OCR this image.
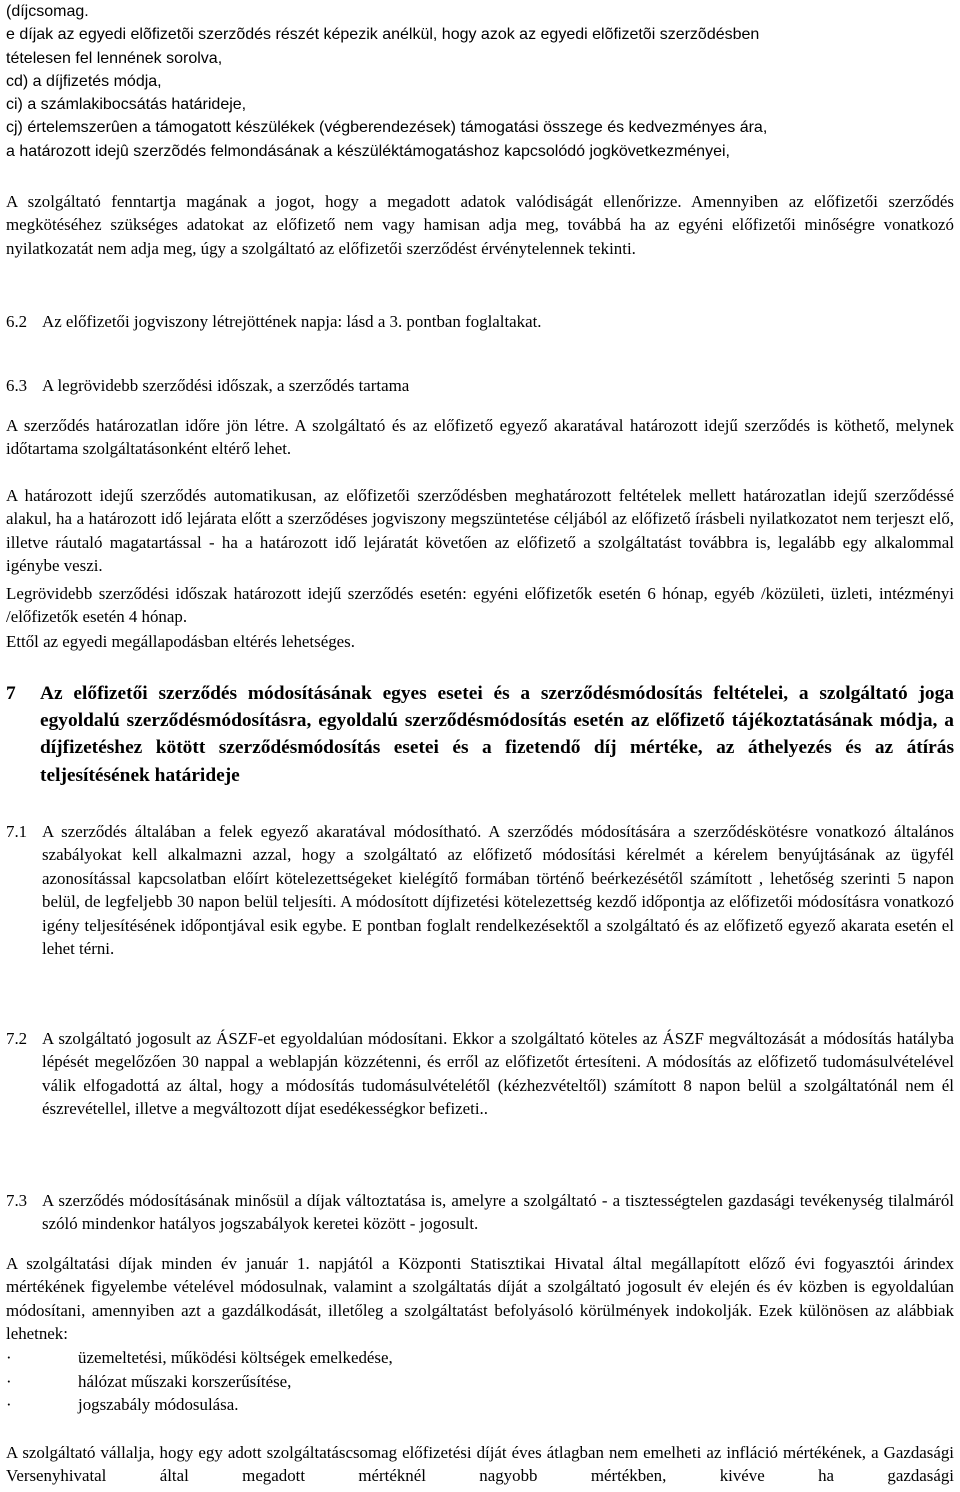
(díjcsomag.
e díjak az egyedi elõfizetõi szerzõdés részét képezik anélkül, hogy azok az egyedi elõfizetõi szerzõdésben
tételesen fel lennének sorolva,
cd) a díjfizetés módja,
ci) a számlakibocsátás határideje,
cj) értelemszerûen a támogatott készülékek (végberendezések) támogatási összege és kedvezményes ára,
a határozott idejû szerzõdés felmondásának a készüléktámogatáshoz kapcsolódó jogkövetkezményei,

A szolgáltató fenntartja magának a jogot, hogy a megadott adatok valódiságát ellenőrizze. Amennyiben az előfizetői szerződés megkötéséhez szükséges adatokat az előfizető nem vagy hamisan adja meg, továbbá ha az egyéni előfizetői minőségre vonatkozó nyilatkozatát nem adja meg, úgy a szolgáltató az előfizetői szerződést érvénytelennek tekinti.

6.2 Az előfizetői jogviszony létrejöttének napja: lásd a 3. pontban foglaltakat.
6.3 A legrövidebb szerződési időszak, a szerződés tartama

A szerződés határozatlan időre jön létre. A szolgáltató és az előfizető egyező akaratával határozott idejű szerződés is köthető, melynek időtartama szolgáltatásonként eltérő lehet.

A határozott idejű szerződés automatikusan, az előfizetői szerződésben meghatározott feltételek mellett határozatlan idejű szerződéssé alakul, ha a határozott idő lejárata előtt a szerződéses jogviszony megszüntetése céljából az előfizető írásbeli nyilatkozatot nem terjeszt elő, illetve ráutaló magatartással - ha a határozott idő lejáratát követően az előfizető a szolgáltatást továbbra is, legalább egy alkalommal igénybe veszi.

Legrövidebb szerződési időszak határozott idejű szerződés esetén: egyéni előfizetők esetén 6 hónap, egyéb /közületi, üzleti, intézményi /előfizetők esetén 4 hónap.

Ettől az egyedi megállapodásban eltérés lehetséges.

7 Az előfizetői szerződés módosításának egyes esetei és a szerződésmódosítás feltételei, a szolgáltató joga egyoldalú szerződésmódosításra, egyoldalú szerződésmódosítás esetén az előfizető tájékoztatásának módja, a díjfizetéshez kötött szerződésmódosítás esetei és a fizetendő díj mértéke, az áthelyezés és az átírás teljesítésének határideje
7.1 A szerződés általában a felek egyező akaratával módosítható. A szerződés módosítására a szerződéskötésre vonatkozó általános szabályokat kell alkalmazni azzal, hogy a szolgáltató az előfizető módosítási kérelmét a kérelem benyújtásának az ügyfél azonosítással kapcsolatban előírt kötelezettségeket kielégítő formában történő beérkezésétől számított , lehetőség szerinti 5 napon belül, de legfeljebb 30 napon belül teljesíti. A módosított díjfizetési kötelezettség kezdő időpontja az előfizetői módosításra vonatkozó igény teljesítésének időpontjával esik egybe. E pontban foglalt rendelkezésektől a szolgáltató és az előfizető egyező akarata esetén el lehet térni.
7.2 A szolgáltató jogosult az ÁSZF-et egyoldalúan módosítani. Ekkor a szolgáltató köteles az ÁSZF megváltozását a módosítás hatályba lépését megelőzően 30 nappal a weblapján közzétenni, és erről az előfizetőt értesíteni. A módosítás az előfizető tudomásulvételével válik elfogadottá az által, hogy a módosítás tudomásulvételétől (kézhezvételtől) számított 8 napon belül a szolgáltatónál nem él észrevétellel, illetve a megváltozott díjat esedékességkor befizeti..
7.3 A szerződés módosításának minősül a díjak változtatása is, amelyre a szolgáltató - a tisztességtelen gazdasági tevékenység tilalmáról szóló mindenkor hatályos jogszabályok keretei között - jogosult.

A szolgáltatási díjak minden év január 1. napjától a Központi Statisztikai Hivatal által megállapított előző évi fogyasztói árindex mértékének figyelembe vételével módosulnak, valamint a szolgáltatás díját a szolgáltató jogosult év elején és év közben is egyoldalúan módosítani, amennyiben azt a gazdálkodását, illetőleg a szolgáltatást befolyásoló körülmények indokolják. Ezek különösen az alábbiak lehetnek:

·	üzemeltetési, működési költségek emelkedése,
·	hálózat műszaki korszerűsítése,
·	jogszabály módosulása.

A szolgáltató vállalja, hogy egy adott szolgáltatáscsomag előfizetési díját éves átlagban nem emelheti az infláció mértékének, a Gazdasági Versenyhivatal által megadott mértéknél nagyobb mértékben, kivéve ha gazdasági
